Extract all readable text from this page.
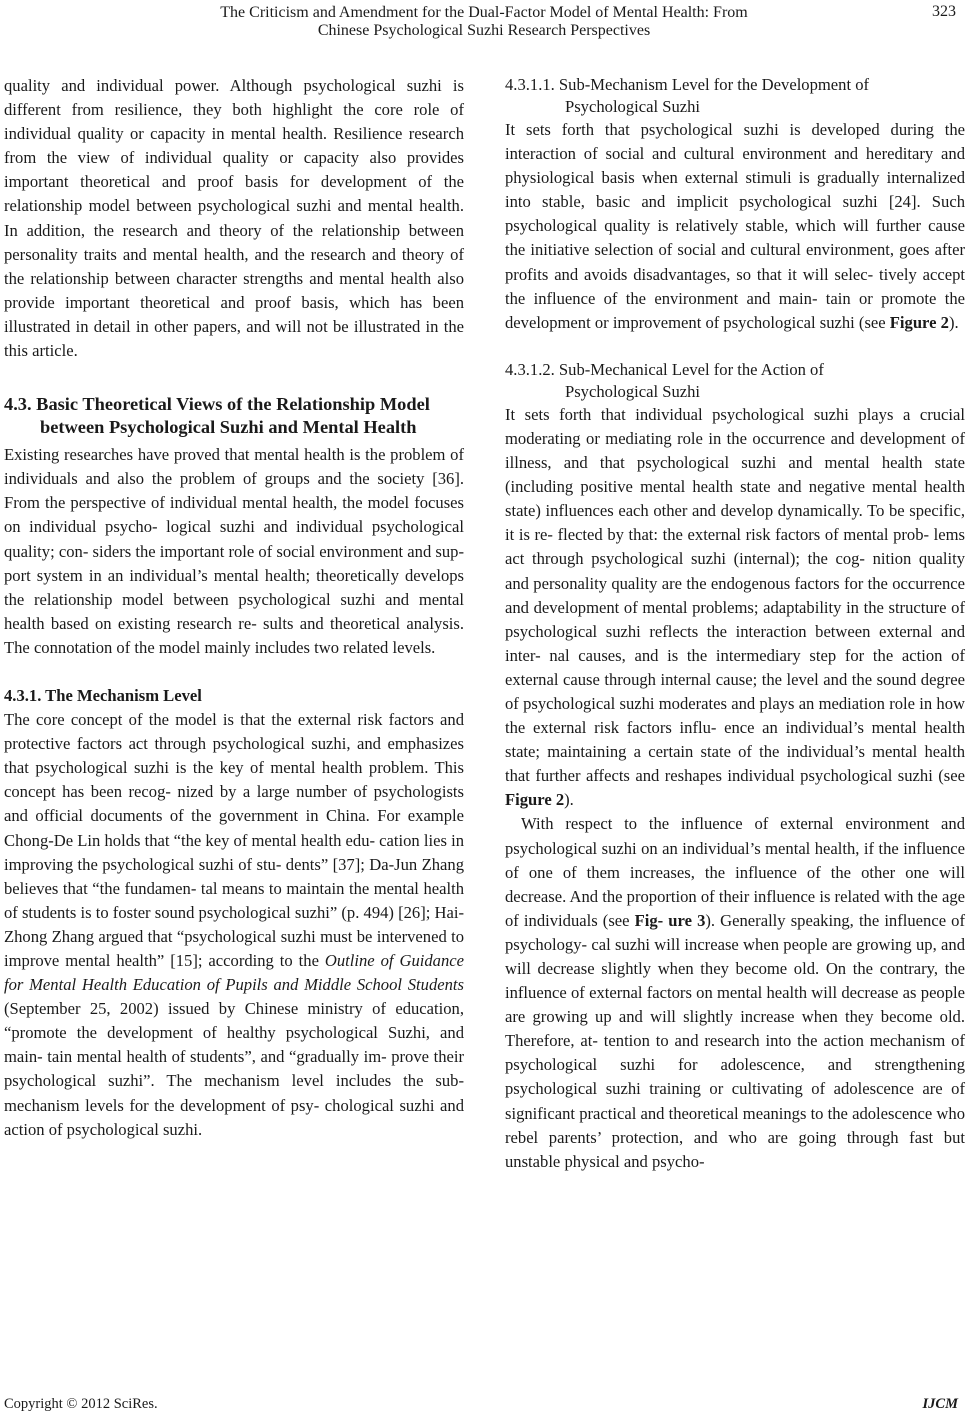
The Criticism and Amendment for the Dual-Factor Model of Mental Health: From
Chinese Psychological Suzhi Research Perspectives
323

quality and individual power. Although psychological suzhi is different from resilience, they both highlight the core role of individual quality or capacity in mental health. Resilience research from the view of individual quality or capacity also provides important theoretical and proof basis for development of the relationship model between psychological suzhi and mental health. In addition, the research and theory of the relationship between personality traits and mental health, and the research and theory of the relationship between character strengths and mental health also provide important theoretical and proof basis, which has been illustrated in detail in other papers, and will not be illustrated in the this article.

4.3. Basic Theoretical Views of the Relationship Model between Psychological Suzhi and Mental Health

Existing researches have proved that mental health is the problem of individuals and also the problem of groups and the society [36]. From the perspective of individual mental health, the model focuses on individual psycho- logical suzhi and individual psychological quality; con- siders the important role of social environment and sup- port system in an individual’s mental health; theoretically develops the relationship model between psychological suzhi and mental health based on existing research re- sults and theoretical analysis. The connotation of the model mainly includes two related levels.

4.3.1. The Mechanism Level

The core concept of the model is that the external risk factors and protective factors act through psychological suzhi, and emphasizes that psychological suzhi is the key of mental health problem. This concept has been recog- nized by a large number of psychologists and official documents of the government in China. For example Chong-De Lin holds that “the key of mental health edu- cation lies in improving the psychological suzhi of stu- dents” [37]; Da-Jun Zhang believes that “the fundamen- tal means to maintain the mental health of students is to foster sound psychological suzhi” (p. 494) [26]; Hai- Zhong Zhang argued that “psychological suzhi must be intervened to improve mental health” [15]; according to the Outline of Guidance for Mental Health Education of Pupils and Middle School Students (September 25, 2002) issued by Chinese ministry of education, “promote the development of healthy psychological Suzhi, and main- tain mental health of students”, and “gradually im- prove their psychological suzhi”. The mechanism level includes the sub-mechanism levels for the development of psy- chological suzhi and action of psychological suzhi.

4.3.1.1. Sub-Mechanism Level for the Development of
Psychological Suzhi

It sets forth that psychological suzhi is developed during the interaction of social and cultural environment and hereditary and physiological basis when external stimuli is gradually internalized into stable, basic and implicit psychological suzhi [24]. Such psychological quality is relatively stable, which will further cause the initiative selection of social and cultural environment, goes after profits and avoids disadvantages, so that it will selec- tively accept the influence of the environment and main- tain or promote the development or improvement of psychological suzhi (see Figure 2).

4.3.1.2. Sub-Mechanical Level for the Action of
Psychological Suzhi

It sets forth that individual psychological suzhi plays a crucial moderating or mediating role in the occurrence and development of illness, and that psychological suzhi and mental health state (including positive mental health state and negative mental health state) influences each other and develop dynamically. To be specific, it is re- flected by that: the external risk factors of mental prob- lems act through psychological suzhi (internal); the cog- nition quality and personality quality are the endogenous factors for the occurrence and development of mental problems; adaptability in the structure of psychological suzhi reflects the interaction between external and inter- nal causes, and is the intermediary step for the action of external cause through internal cause; the level and the sound degree of psychological suzhi moderates and plays an mediation role in how the external risk factors influ- ence an individual’s mental health state; maintaining a certain state of the individual’s mental health that further affects and reshapes individual psychological suzhi (see Figure 2).

With respect to the influence of external environment and psychological suzhi on an individual’s mental health, if the influence of one of them increases, the influence of the other one will decrease. And the proportion of their influence is related with the age of individuals (see Fig- ure 3). Generally speaking, the influence of psychology- cal suzhi will increase when people are growing up, and will decrease slightly when they become old. On the contrary, the influence of external factors on mental health will decrease as people are growing up and will slightly increase when they become old. Therefore, at- tention to and research into the action mechanism of psychological suzhi for adolescence, and strengthening psychological suzhi training or cultivating of adolescence are of significant practical and theoretical meanings to the adolescence who rebel parents’ protection, and who are going through fast but unstable physical and psycho-

Copyright © 2012 SciRes.	IJCM
